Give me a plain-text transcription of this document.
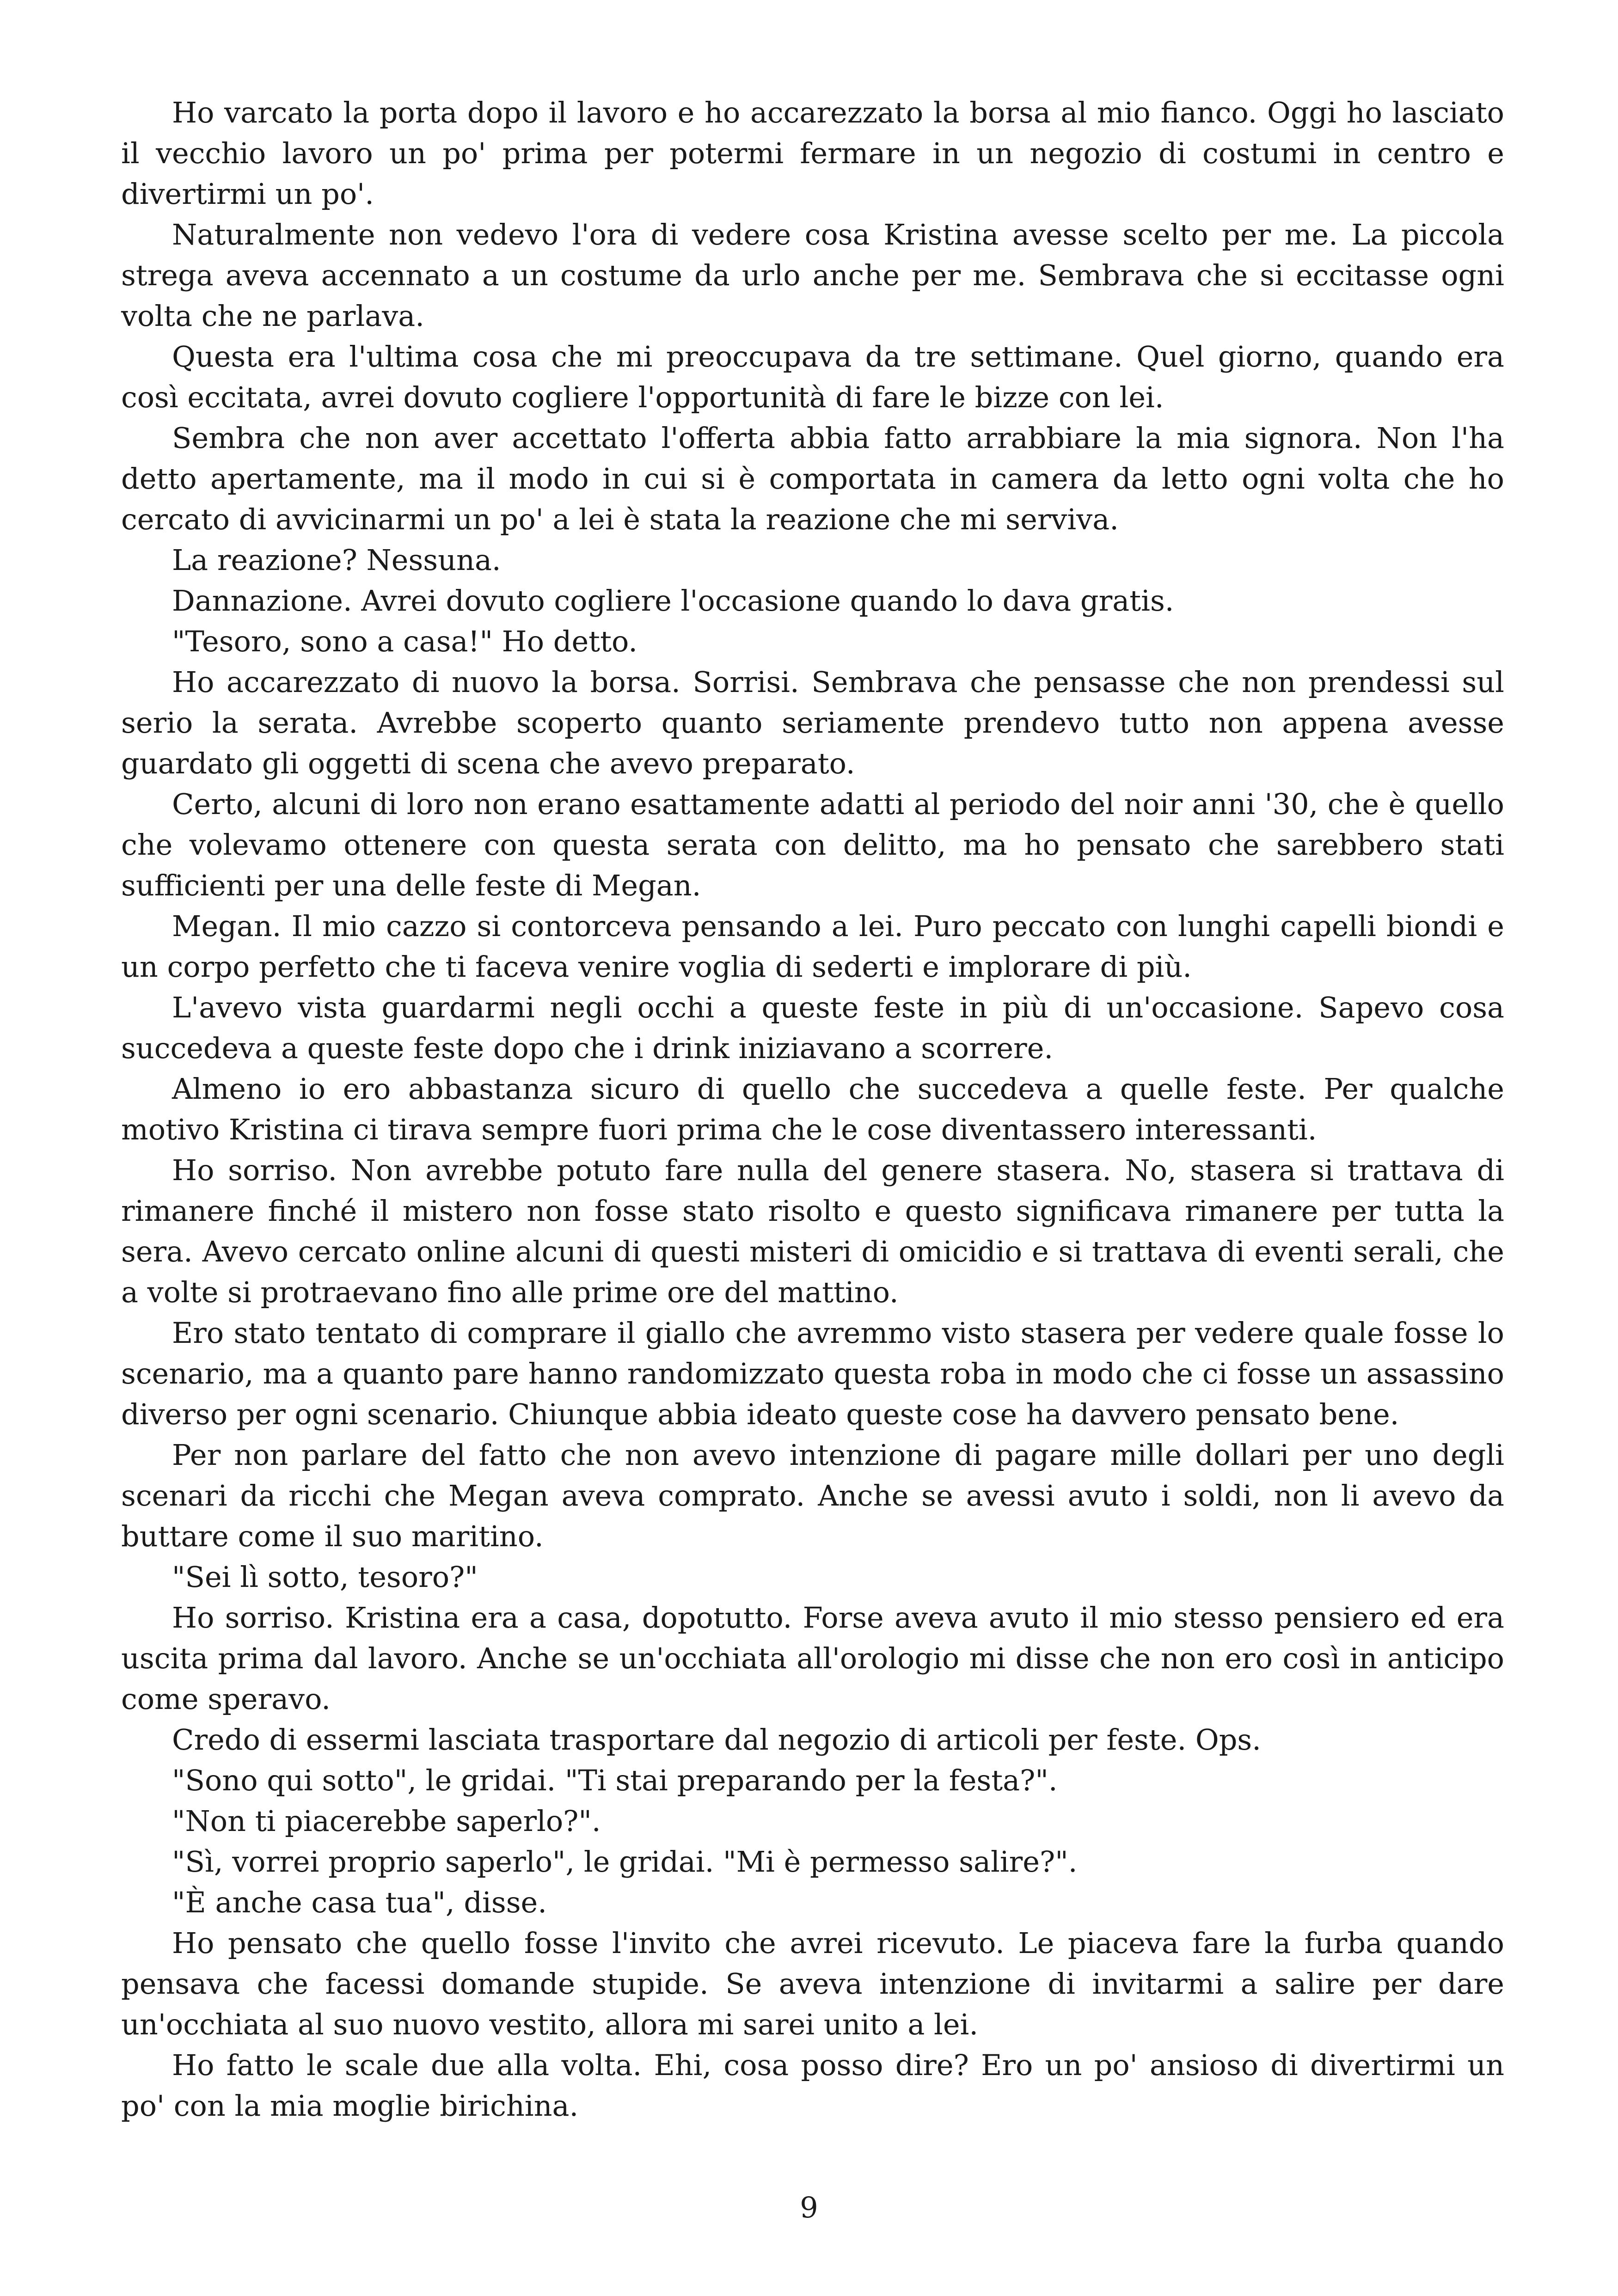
Ho varcato la porta dopo il lavoro e ho accarezzato la borsa al mio fianco. Oggi ho lasciato il vecchio lavoro un po' prima per potermi fermare in un negozio di costumi in centro e divertirmi un po'.

Naturalmente non vedevo l'ora di vedere cosa Kristina avesse scelto per me. La piccola strega aveva accennato a un costume da urlo anche per me. Sembrava che si eccitasse ogni volta che ne parlava.

Questa era l'ultima cosa che mi preoccupava da tre settimane. Quel giorno, quando era così eccitata, avrei dovuto cogliere l'opportunità di fare le bizze con lei.

Sembra che non aver accettato l'offerta abbia fatto arrabbiare la mia signora. Non l'ha detto apertamente, ma il modo in cui si è comportata in camera da letto ogni volta che ho cercato di avvicinarmi un po' a lei è stata la reazione che mi serviva.

La reazione? Nessuna.

Dannazione. Avrei dovuto cogliere l'occasione quando lo dava gratis.

"Tesoro, sono a casa!" Ho detto.

Ho accarezzato di nuovo la borsa. Sorrisi. Sembrava che pensasse che non prendessi sul serio la serata. Avrebbe scoperto quanto seriamente prendevo tutto non appena avesse guardato gli oggetti di scena che avevo preparato.

Certo, alcuni di loro non erano esattamente adatti al periodo del noir anni '30, che è quello che volevamo ottenere con questa serata con delitto, ma ho pensato che sarebbero stati sufficienti per una delle feste di Megan.

Megan. Il mio cazzo si contorceva pensando a lei. Puro peccato con lunghi capelli biondi e un corpo perfetto che ti faceva venire voglia di sederti e implorare di più.

L'avevo vista guardarmi negli occhi a queste feste in più di un'occasione. Sapevo cosa succedeva a queste feste dopo che i drink iniziavano a scorrere.

Almeno io ero abbastanza sicuro di quello che succedeva a quelle feste. Per qualche motivo Kristina ci tirava sempre fuori prima che le cose diventassero interessanti.

Ho sorriso. Non avrebbe potuto fare nulla del genere stasera. No, stasera si trattava di rimanere finché il mistero non fosse stato risolto e questo significava rimanere per tutta la sera. Avevo cercato online alcuni di questi misteri di omicidio e si trattava di eventi serali, che a volte si protraevano fino alle prime ore del mattino.

Ero stato tentato di comprare il giallo che avremmo visto stasera per vedere quale fosse lo scenario, ma a quanto pare hanno randomizzato questa roba in modo che ci fosse un assassino diverso per ogni scenario. Chiunque abbia ideato queste cose ha davvero pensato bene.

Per non parlare del fatto che non avevo intenzione di pagare mille dollari per uno degli scenari da ricchi che Megan aveva comprato. Anche se avessi avuto i soldi, non li avevo da buttare come il suo maritino.

"Sei lì sotto, tesoro?"

Ho sorriso. Kristina era a casa, dopotutto. Forse aveva avuto il mio stesso pensiero ed era uscita prima dal lavoro. Anche se un'occhiata all'orologio mi disse che non ero così in anticipo come speravo.

Credo di essermi lasciata trasportare dal negozio di articoli per feste. Ops.

"Sono qui sotto", le gridai. "Ti stai preparando per la festa?".

"Non ti piacerebbe saperlo?".

"Sì, vorrei proprio saperlo", le gridai. "Mi è permesso salire?".

"È anche casa tua", disse.

Ho pensato che quello fosse l'invito che avrei ricevuto. Le piaceva fare la furba quando pensava che facessi domande stupide. Se aveva intenzione di invitarmi a salire per dare un'occhiata al suo nuovo vestito, allora mi sarei unito a lei.

Ho fatto le scale due alla volta. Ehi, cosa posso dire? Ero un po' ansioso di divertirmi un po' con la mia moglie birichina.

9
